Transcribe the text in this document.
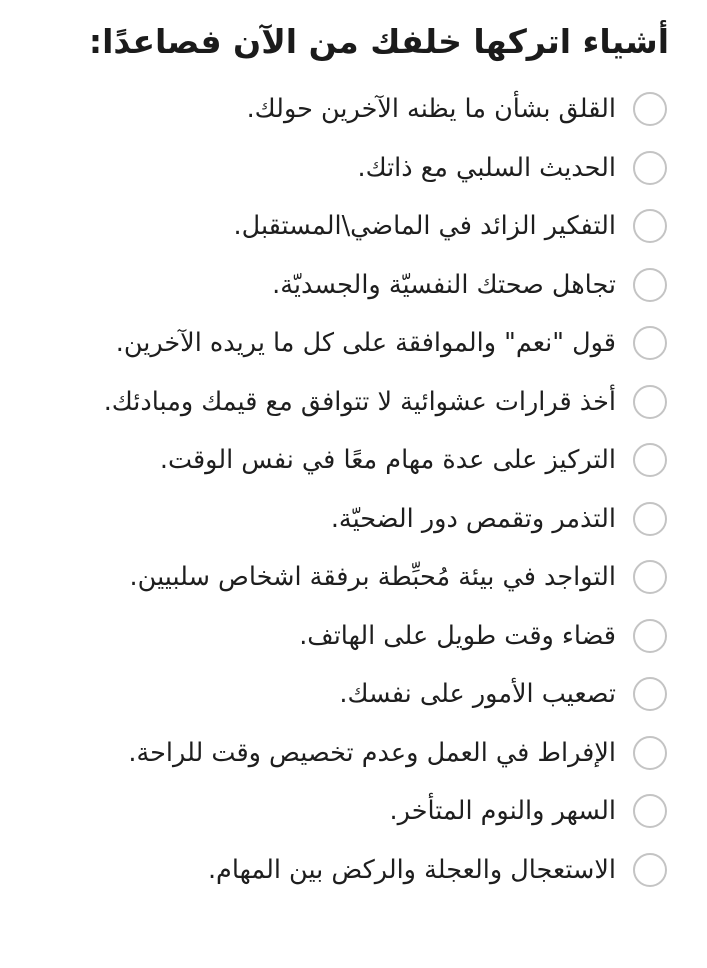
أشياء اتركها خلفك من الآن فصاعدًا:
القلق بشأن ما يظنه الآخرين حولك.
الحديث السلبي مع ذاتك.
التفكير الزائد في الماضي\المستقبل.
تجاهل صحتك النفسيّة والجسديّة.
قول "نعم" والموافقة على كل ما يريده الآخرين.
أخذ قرارات عشوائية لا تتوافق مع قيمك ومبادئك.
التركيز على عدة مهام معًا في نفس الوقت.
التذمر وتقمص دور الضحيّة.
التواجد في بيئة مُحبِّطة برفقة اشخاص سلبيين.
قضاء وقت طويل على الهاتف.
تصعيب الأمور على نفسك.
الإفراط في العمل وعدم تخصيص وقت للراحة.
السهر والنوم المتأخر.
الاستعجال والعجلة والركض بين المهام.
